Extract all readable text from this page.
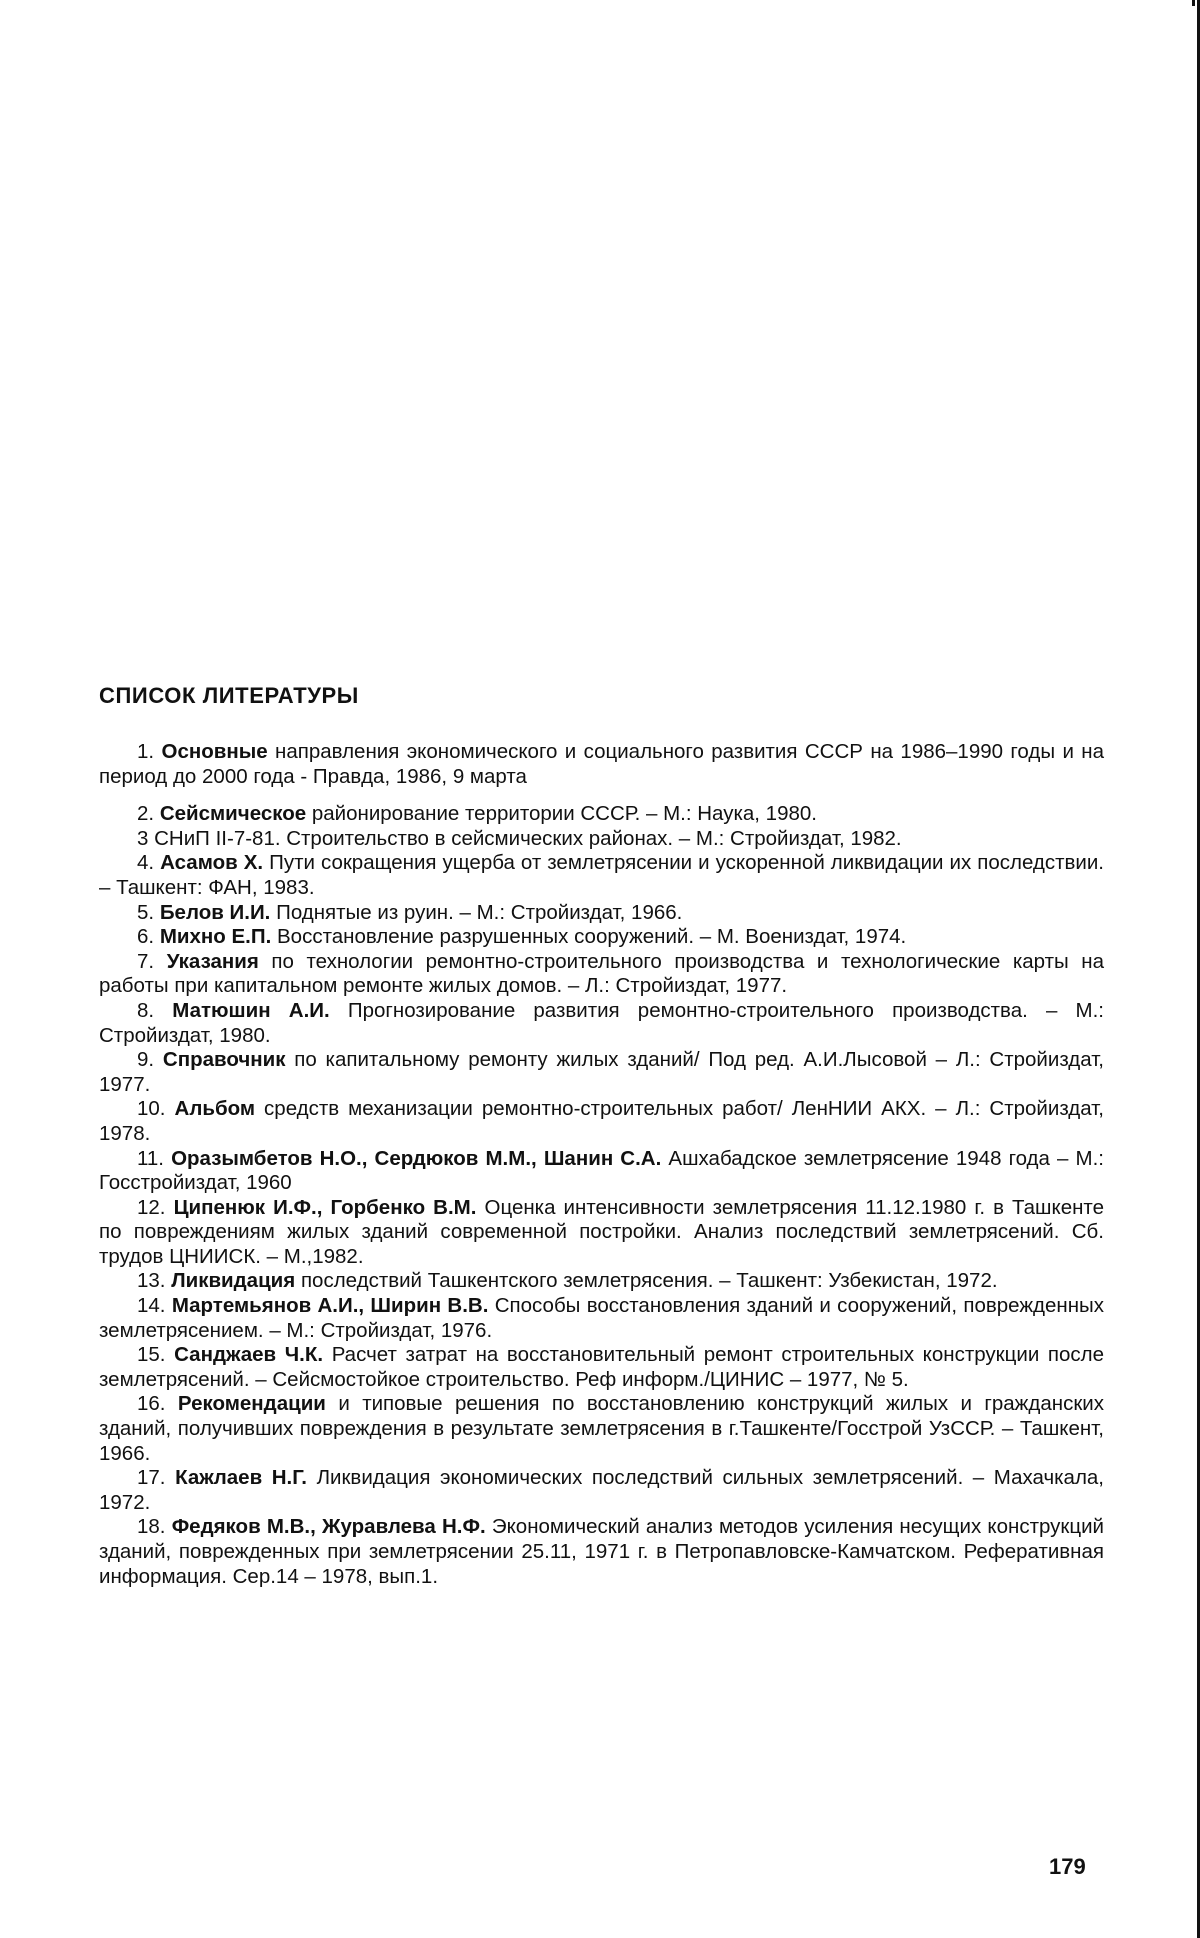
СПИСОК ЛИТЕРАТУРЫ

1. Основные направления экономического и социального развития СССР на 1986–1990 годы и на период до 2000 года - Правда, 1986, 9 марта

2. Сейсмическое районирование территории СССР. – М.: Наука, 1980.

3 СНиП II-7-81. Строительство в сейсмических районах. – М.: Стройиздат, 1982.

4. Асамов Х. Пути сокращения ущерба от землетрясении и ускоренной ликвидации их последствии. – Ташкент: ФАН, 1983.

5. Белов И.И. Поднятые из руин. – М.: Стройиздат, 1966.

6. Михно Е.П. Восстановление разрушенных сооружений. – М. Воениздат, 1974.

7. Указания по технологии ремонтно-строительного производства и технологические карты на работы при капитальном ремонте жилых домов. – Л.: Стройиздат, 1977.

8. Матюшин А.И. Прогнозирование развития ремонтно-строительного производства. – М.: Стройиздат, 1980.

9. Справочник по капитальному ремонту жилых зданий/ Под ред. А.И.Лысовой – Л.: Стройиздат, 1977.

10. Альбом средств механизации ремонтно-строительных работ/ ЛенНИИ АКХ. – Л.: Стройиздат, 1978.

11. Оразымбетов Н.О., Сердюков М.М., Шанин С.А. Ашхабадское землетрясение 1948 года – М.: Госстройиздат, 1960

12. Ципенюк И.Ф., Горбенко В.М. Оценка интенсивности землетрясения 11.12.1980 г. в Ташкенте по повреждениям жилых зданий современной постройки. Анализ последствий землетрясений. Сб. трудов ЦНИИСК. – М.,1982.

13. Ликвидация последствий Ташкентского землетрясения. – Ташкент: Узбекистан, 1972.

14. Мартемьянов А.И., Ширин В.В. Способы восстановления зданий и сооружений, поврежденных землетрясением. – М.: Стройиздат, 1976.

15. Санджаев Ч.К. Расчет затрат на восстановительный ремонт строительных конструкции после землетрясений. – Сейсмостойкое строительство. Реф информ./ЦИНИС – 1977, № 5.

16. Рекомендации и типовые решения по восстановлению конструкций жилых и гражданских зданий, получивших повреждения в результате землетрясения в г.Ташкенте/Госстрой УзССР. – Ташкент, 1966.

17. Кажлаев Н.Г. Ликвидация экономических последствий сильных землетрясений. – Махачкала, 1972.

18. Федяков М.В., Журавлева Н.Ф. Экономический анализ методов усиления несущих конструкций зданий, поврежденных при землетрясении 25.11, 1971 г. в Петропавловске-Камчатском. Реферативная информация. Сер.14 – 1978, вып.1.

179
